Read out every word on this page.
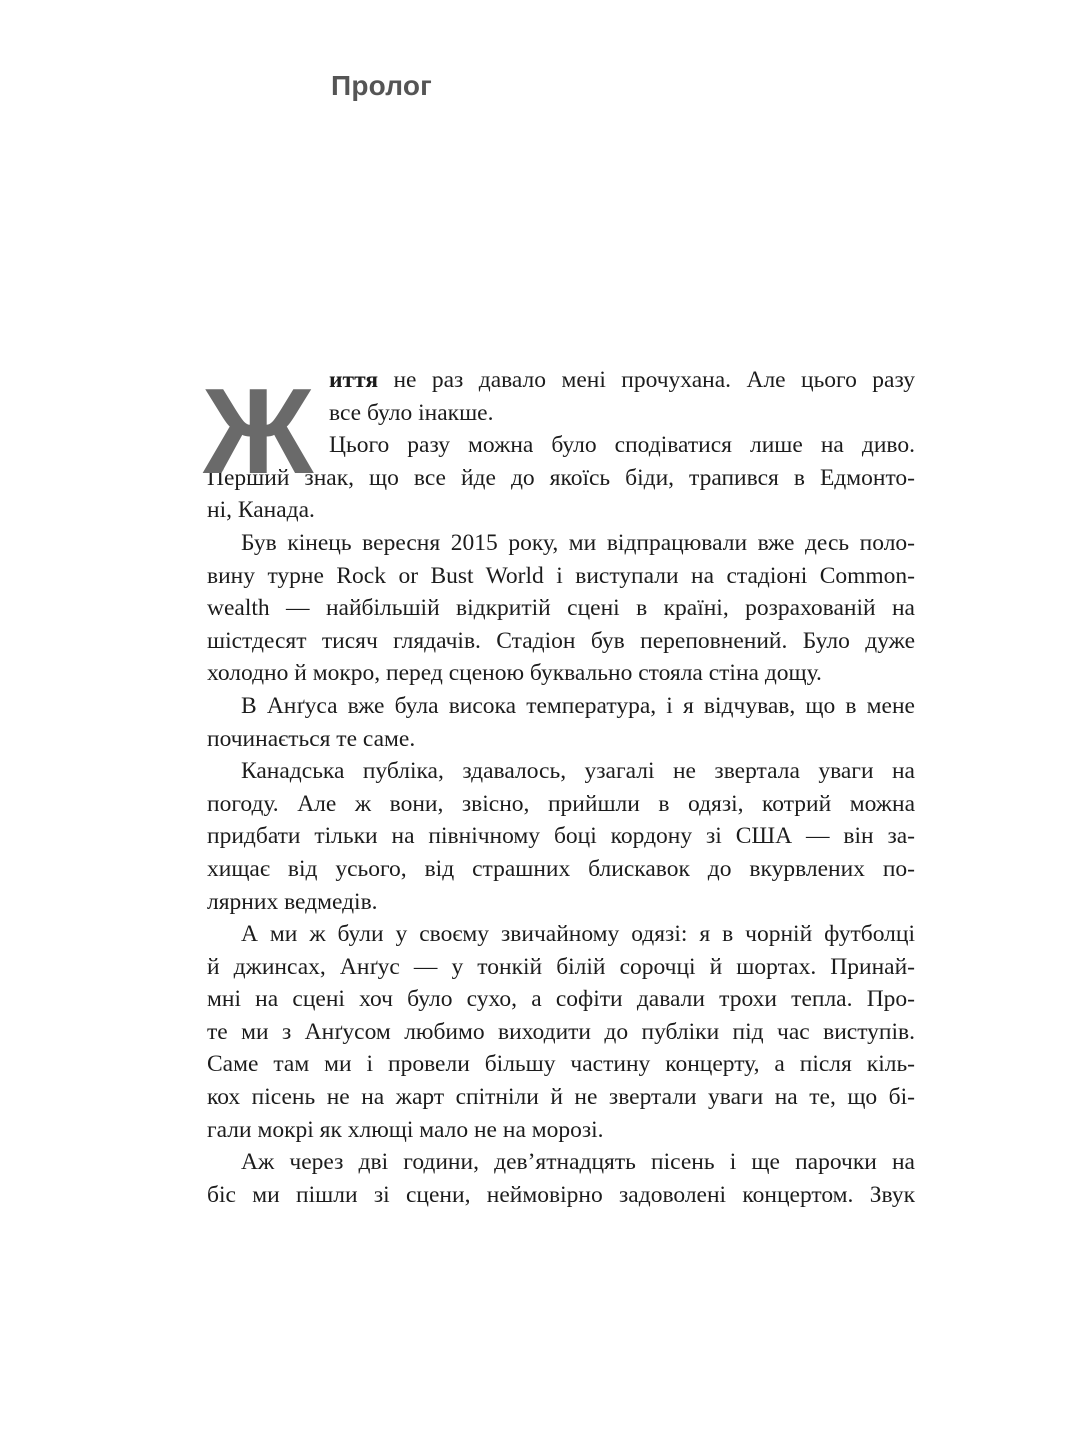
Пролог
Ж иття не раз давало мені прочухана. Але цього разу
все було інакше.
Цього разу можна було сподіватися лише на диво.
Перший знак, що все йде до якоїсь біди, трапився в Едмонто-
ні, Канада.
Був кінець вересня 2015 року, ми відпрацювали вже десь поло-
вину турне Rock or Bust World і виступали на стадіоні Common-
wealth — найбільшій відкритій сцені в країні, розрахованій на
шістдесят тисяч глядачів. Стадіон був переповнений. Було дуже
холодно й мокро, перед сценою буквально стояла стіна дощу.
В Анґуса вже була висока температура, і я відчував, що в мене
починається те саме.
Канадська публіка, здавалось, узагалі не звертала уваги на
погоду. Але ж вони, звісно, прийшли в одязі, котрий можна
придбати тільки на північному боці кордону зі США — він за-
хищає від усього, від страшних блискавок до вкурвлених по-
лярних ведмедів.
А ми ж були у своєму звичайному одязі: я в чорній футболці
й джинсах, Анґус — у тонкій білій сорочці й шортах. Принай-
мні на сцені хоч було сухо, а софіти давали трохи тепла. Про-
те ми з Анґусом любимо виходити до публіки під час виступів.
Саме там ми і провели більшу частину концерту, а після кіль-
кох пісень не на жарт спітніли й не звертали уваги на те, що бі-
гали мокрі як хлющі мало не на морозі.
Аж через дві години, дев’ятнадцять пісень і ще парочки на
біс ми пішли зі сцени, неймовірно задоволені концертом. Звук
